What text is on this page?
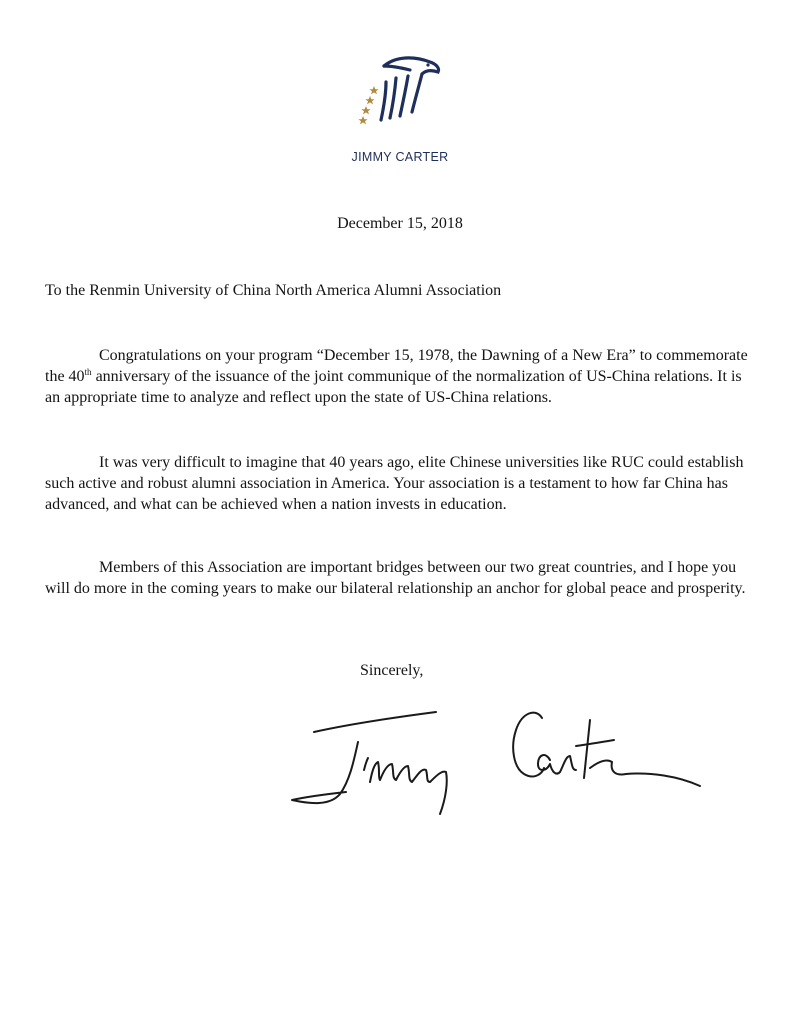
JIMMY CARTER
December 15, 2018
To the Renmin University of China North America Alumni Association

Congratulations on your program “December 15, 1978, the Dawning of a New Era” to commemorate the 40th anniversary of the issuance of the joint communique of the normalization of US-China relations. It is an appropriate time to analyze and reflect upon the state of US-China relations.

It was very difficult to imagine that 40 years ago, elite Chinese universities like RUC could establish such active and robust alumni association in America. Your association is a testament to how far China has advanced, and what can be achieved when a nation invests in education.

Members of this Association are important bridges between our two great countries, and I hope you will do more in the coming years to make our bilateral relationship an anchor for global peace and prosperity.

Sincerely,
